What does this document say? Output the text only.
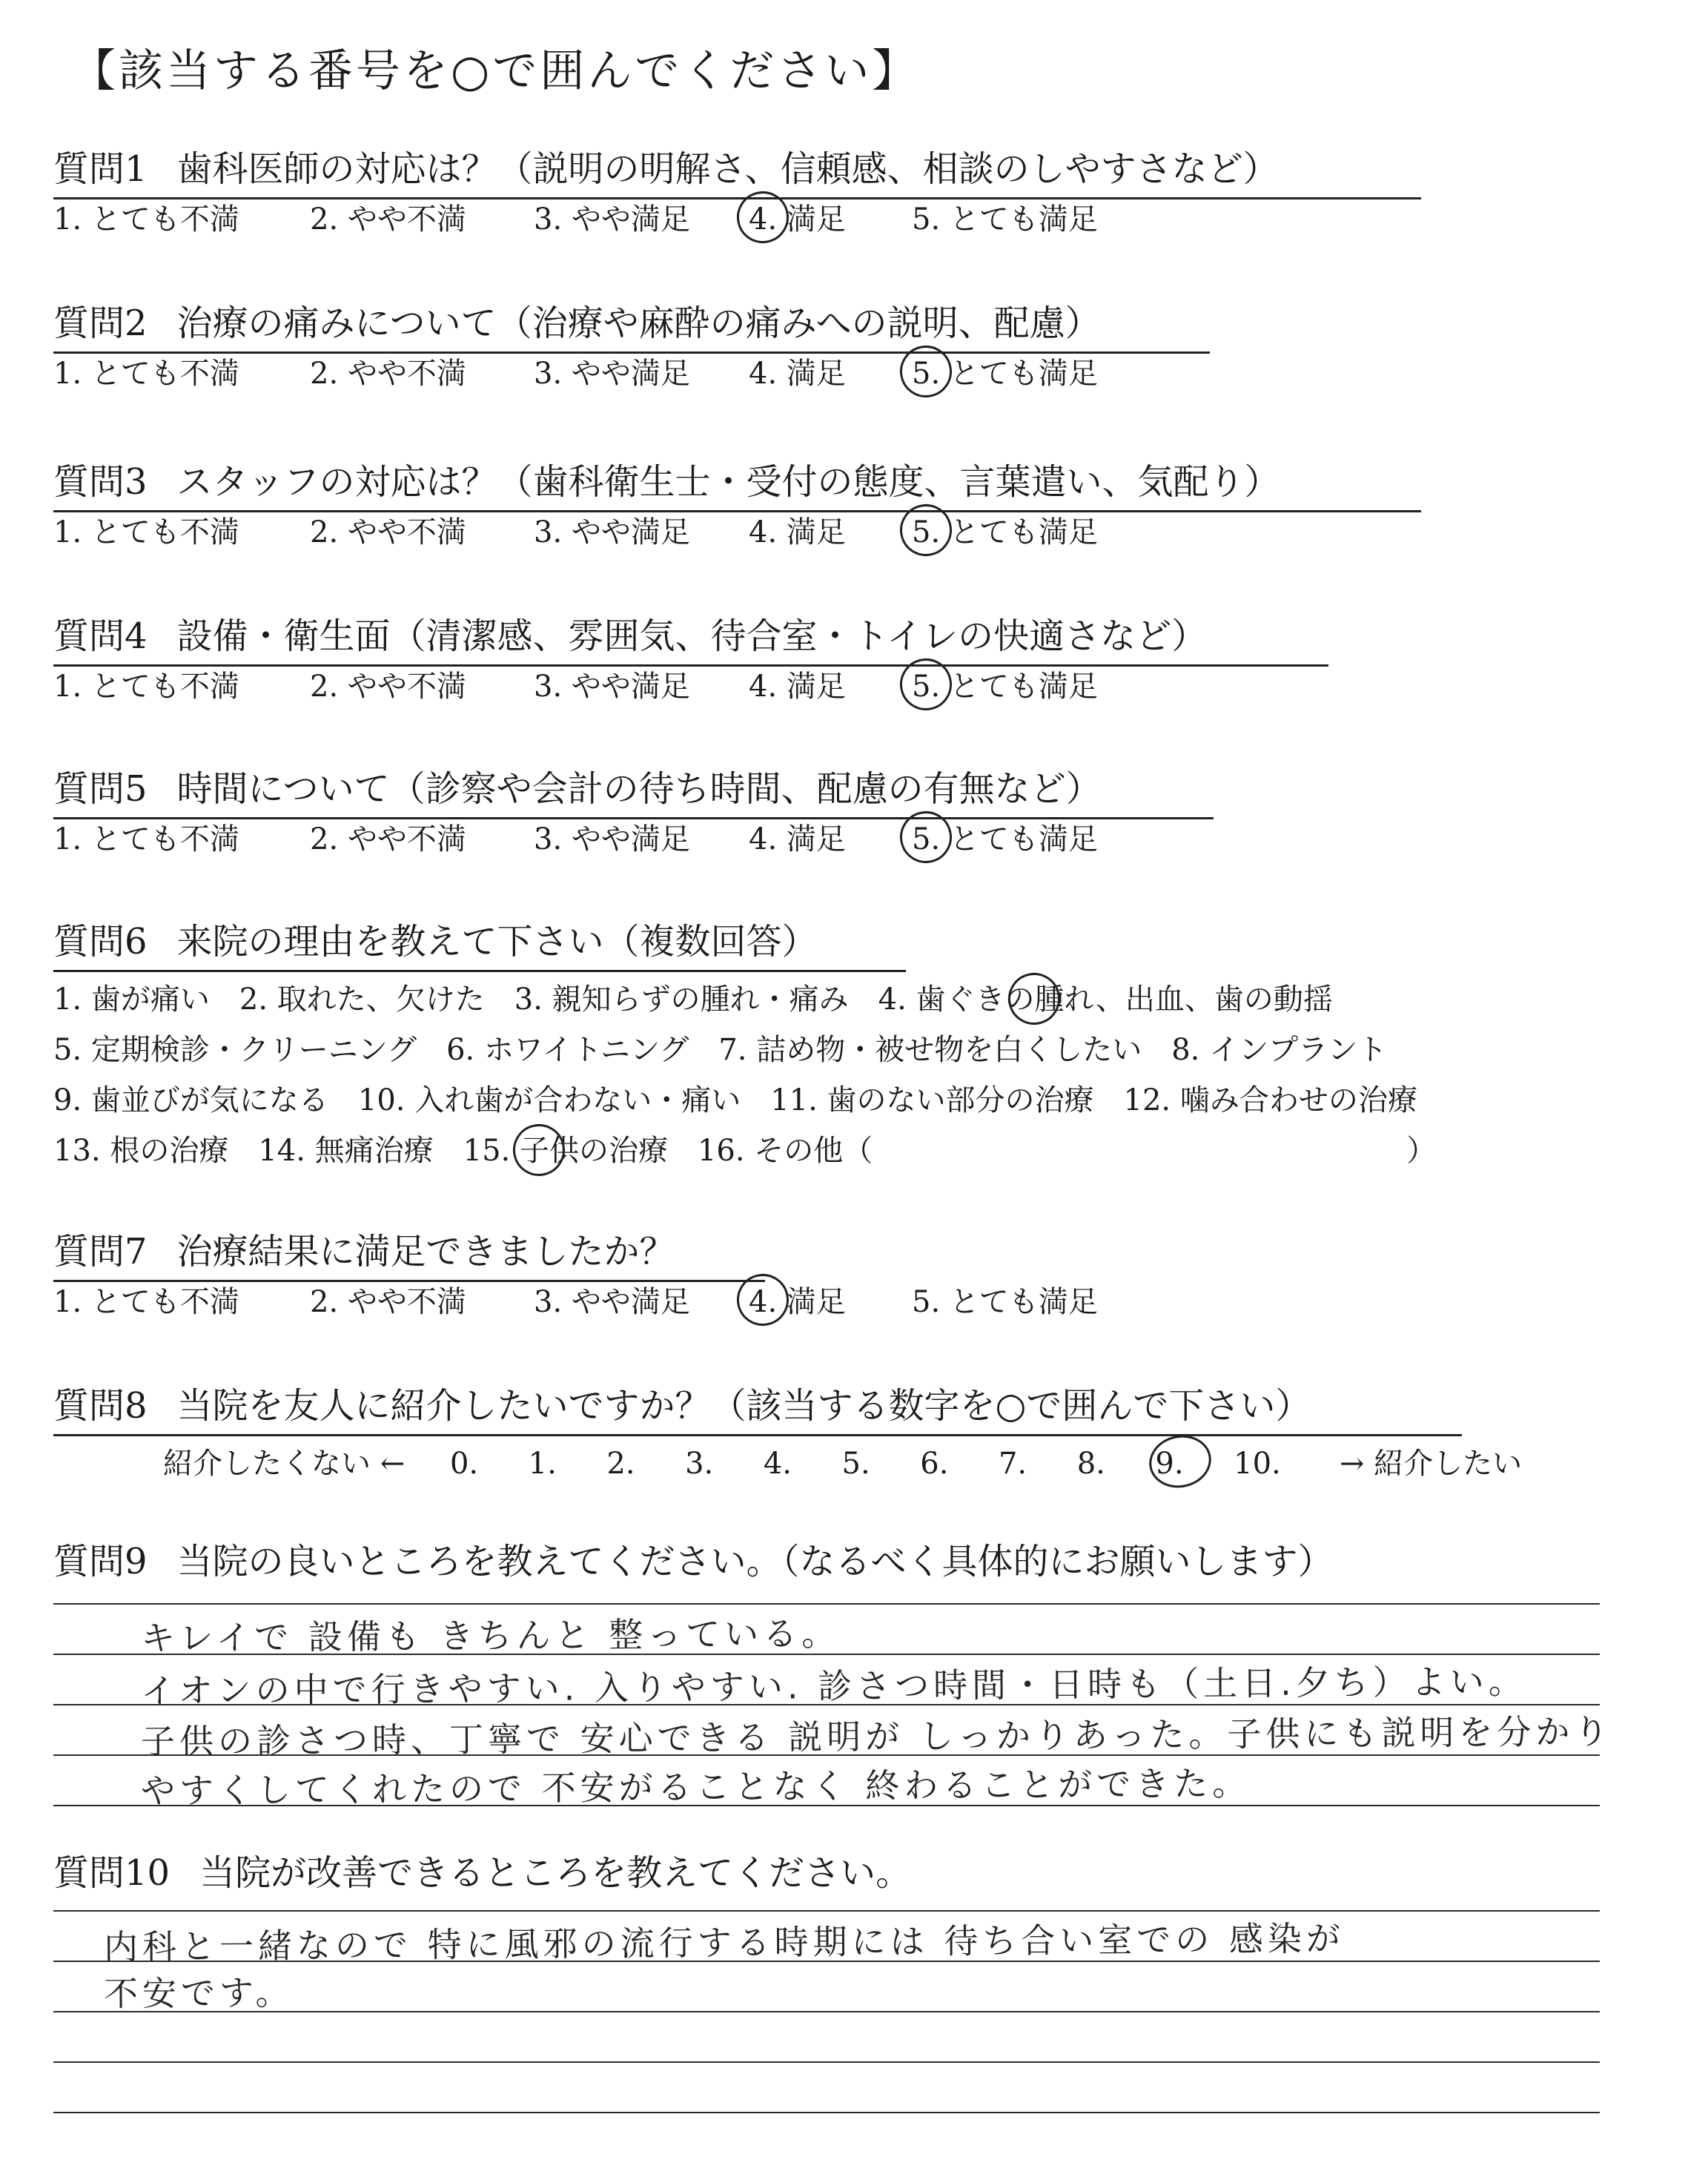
【該当する番号を○で囲んでください】
質問1 歯科医師の対応は？（説明の明解さ、信頼感、相談のしやすさなど）
1. とても不満 2. やや不満 3. やや満足 4. 満足 5. とても満足
質問2 治療の痛みについて（治療や麻酔の痛みへの説明、配慮）
1. とても不満 2. やや不満 3. やや満足 4. 満足 5. とても満足
質問3 スタッフの対応は？（歯科衛生士・受付の態度、言葉遣い、気配り）
1. とても不満 2. やや不満 3. やや満足 4. 満足 5. とても満足
質問4 設備・衛生面（清潔感、雰囲気、待合室・トイレの快適さなど）
1. とても不満 2. やや不満 3. やや満足 4. 満足 5. とても満足
質問5 時間について（診察や会計の待ち時間、配慮の有無など）
1. とても不満 2. やや不満 3. やや満足 4. 満足 5. とても満足
質問6 来院の理由を教えて下さい（複数回答）
1. 歯が痛い　2. 取れた、欠けた　3. 親知らずの腫れ・痛み　4. 歯ぐきの腫れ、出血、歯の動揺
5. 定期検診・クリーニング　6. ホワイトニング　7. 詰め物・被せ物を白くしたい　8. インプラント
9. 歯並びが気になる　10. 入れ歯が合わない・痛い　11. 歯のない部分の治療　12. 噛み合わせの治療
13. 根の治療　14. 無痛治療　15. 子供の治療　16. その他（　　　　　　　　　　　　　　　　　　）
質問7 治療結果に満足できましたか？
1. とても不満 2. やや不満 3. やや満足 4. 満足 5. とても満足
質問8 当院を友人に紹介したいですか？（該当する数字を○で囲んで下さい）
紹介したくない ← 0. 1. 2. 3. 4. 5. 6. 7. 8. 9. 10. → 紹介したい
質問9 当院の良いところを教えてください。（なるべく具体的にお願いします）
キレイで 設備も きちんと 整っている。
イオンの中で行きやすい. 入りやすい. 診さつ時間・日時も（土日.夕ち）よい。
子供の診さつ時、丁寧で 安心できる 説明が しっかりあった。子供にも説明を分かり
やすくしてくれたので 不安がることなく 終わることができた。
質問10 当院が改善できるところを教えてください。
内科と一緒なので 特に風邪の流行する時期には 待ち合い室での 感染が
不安です。
